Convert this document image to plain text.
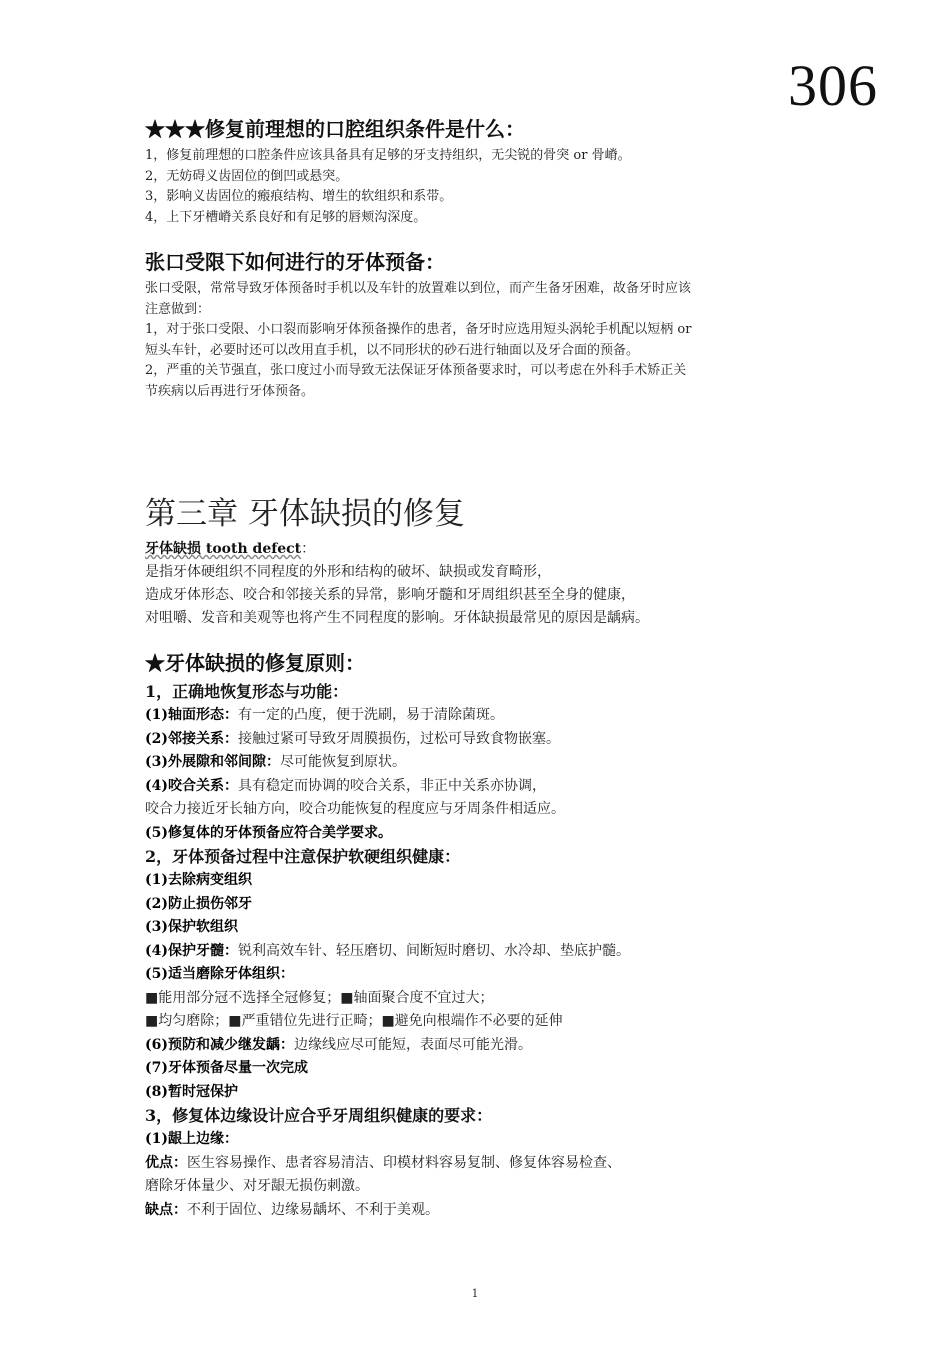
306
★★★修复前理想的口腔组织条件是什么：

1，修复前理想的口腔条件应该具备具有足够的牙支持组织，无尖锐的骨突 or 骨嵴。

2，无妨碍义齿固位的倒凹或悬突。

3，影响义齿固位的瘢痕结构、增生的软组织和系带。

4，上下牙槽嵴关系良好和有足够的唇颊沟深度。

张口受限下如何进行的牙体预备：

张口受限，常常导致牙体预备时手机以及车针的放置难以到位，而产生备牙困难，故备牙时应该

注意做到：

1，对于张口受限、小口裂而影响牙体预备操作的患者，备牙时应选用短头涡轮手机配以短柄 or

短头车针，必要时还可以改用直手机，以不同形状的砂石进行轴面以及牙合面的预备。

2，严重的关节强直，张口度过小而导致无法保证牙体预备要求时，可以考虑在外科手术矫正关

节疾病以后再进行牙体预备。

第三章 牙体缺损的修复
牙体缺损 tooth defect：

是指牙体硬组织不同程度的外形和结构的破坏、缺损或发育畸形，

造成牙体形态、咬合和邻接关系的异常，影响牙髓和牙周组织甚至全身的健康，

对咀嚼、发音和美观等也将产生不同程度的影响。牙体缺损最常见的原因是龋病。

★牙体缺损的修复原则：

1，正确地恢复形态与功能：

(1)轴面形态：有一定的凸度，便于洗刷，易于清除菌斑。

(2)邻接关系：接触过紧可导致牙周膜损伤，过松可导致食物嵌塞。

(3)外展隙和邻间隙：尽可能恢复到原状。

(4)咬合关系：具有稳定而协调的咬合关系，非正中关系亦协调，

咬合力接近牙长轴方向，咬合功能恢复的程度应与牙周条件相适应。

(5)修复体的牙体预备应符合美学要求。

2，牙体预备过程中注意保护软硬组织健康：

(1)去除病变组织

(2)防止损伤邻牙

(3)保护软组织

(4)保护牙髓：锐利高效车针、轻压磨切、间断短时磨切、水冷却、垫底护髓。

(5)适当磨除牙体组织：

■能用部分冠不选择全冠修复；■轴面聚合度不宜过大；

■均匀磨除；■严重错位先进行正畸；■避免向根端作不必要的延伸

(6)预防和减少继发龋：边缘线应尽可能短，表面尽可能光滑。

(7)牙体预备尽量一次完成

(8)暂时冠保护

3，修复体边缘设计应合乎牙周组织健康的要求：

(1)龈上边缘：

优点：医生容易操作、患者容易清洁、印模材料容易复制、修复体容易检查、

磨除牙体量少、对牙龈无损伤刺激。

缺点：不利于固位、边缘易龋坏、不利于美观。

1
